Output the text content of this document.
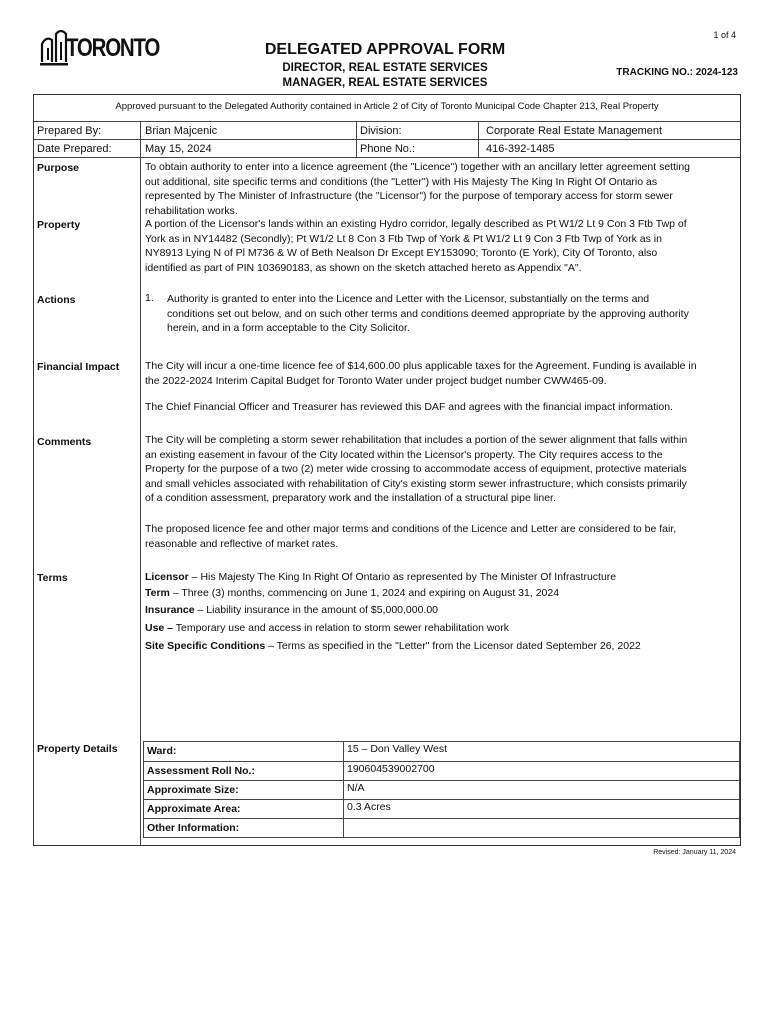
1 of 4
TORONTO	DELEGATED APPROVAL FORM
DIRECTOR, REAL ESTATE SERVICES
MANAGER, REAL ESTATE SERVICES
TRACKING NO.: 2024-123
Approved pursuant to the Delegated Authority contained in Article 2 of City of Toronto Municipal Code Chapter 213, Real Property
Prepared By:	Brian Majcenic	Division:	Corporate Real Estate Management
Date Prepared:	May 15, 2024	Phone No.:	416-392-1485
Purpose	To obtain authority to enter into a licence agreement (the "Licence") together with an ancillary letter agreement setting
out additional, site specific terms and conditions (the "Letter") with His Majesty The King In Right Of Ontario as
represented by The Minister of Infrastructure (the "Licensor") for the purpose of temporary access for storm sewer
rehabilitation works.
Property	A portion of the Licensor's lands within an existing Hydro corridor, legally described as Pt W1/2 Lt 9 Con 3 Ftb Twp of
York as in NY14482 (Secondly); Pt W1/2 Lt 8 Con 3 Ftb Twp of York & Pt W1/2 Lt 9 Con 3 Ftb Twp of York as in
NY8913 Lying N of Pl M736 & W of Beth Nealson Dr Except EY153090; Toronto (E York), City Of Toronto, also
identified as part of PIN 103690183, as shown on the sketch attached hereto as Appendix "A".
Actions	1. Authority is granted to enter into the Licence and Letter with the Licensor, substantially on the terms and
conditions set out below, and on such other terms and conditions deemed appropriate by the approving authority
herein, and in a form acceptable to the City Solicitor.
Financial Impact The City will incur a one-time licence fee of $14,600.00 plus applicable taxes for the Agreement. Funding is available in
the 2022-2024 Interim Capital Budget for Toronto Water under project budget number CWW465-09.
The Chief Financial Officer and Treasurer has reviewed this DAF and agrees with the financial impact information.
Comments	The City will be completing a storm sewer rehabilitation that includes a portion of the sewer alignment that falls within
an existing easement in favour of the City located within the Licensor's property. The City requires access to the
Property for the purpose of a two (2) meter wide crossing to accommodate access of equipment, protective materials
and small vehicles associated with rehabilitation of City's existing storm sewer infrastructure, which consists primarily
of a condition assessment, preparatory work and the installation of a structural pipe liner.
The proposed licence fee and other major terms and conditions of the Licence and Letter are considered to be fair,
reasonable and reflective of market rates.
Terms	Licensor – His Majesty The King In Right Of Ontario as represented by The Minister Of Infrastructure
Term – Three (3) months, commencing on June 1, 2024 and expiring on August 31, 2024
Insurance – Liability insurance in the amount of $5,000,000.00
Use – Temporary use and access in relation to storm sewer rehabilitation work
Site Specific Conditions – Terms as specified in the "Letter" from the Licensor dated September 26, 2022
Property Details	Ward:	15 – Don Valley West
Assessment Roll No.:	190604539002700
Approximate Size:	N/A
Approximate Area:	0.3 Acres
Other Information:
Revised: January 11, 2024
